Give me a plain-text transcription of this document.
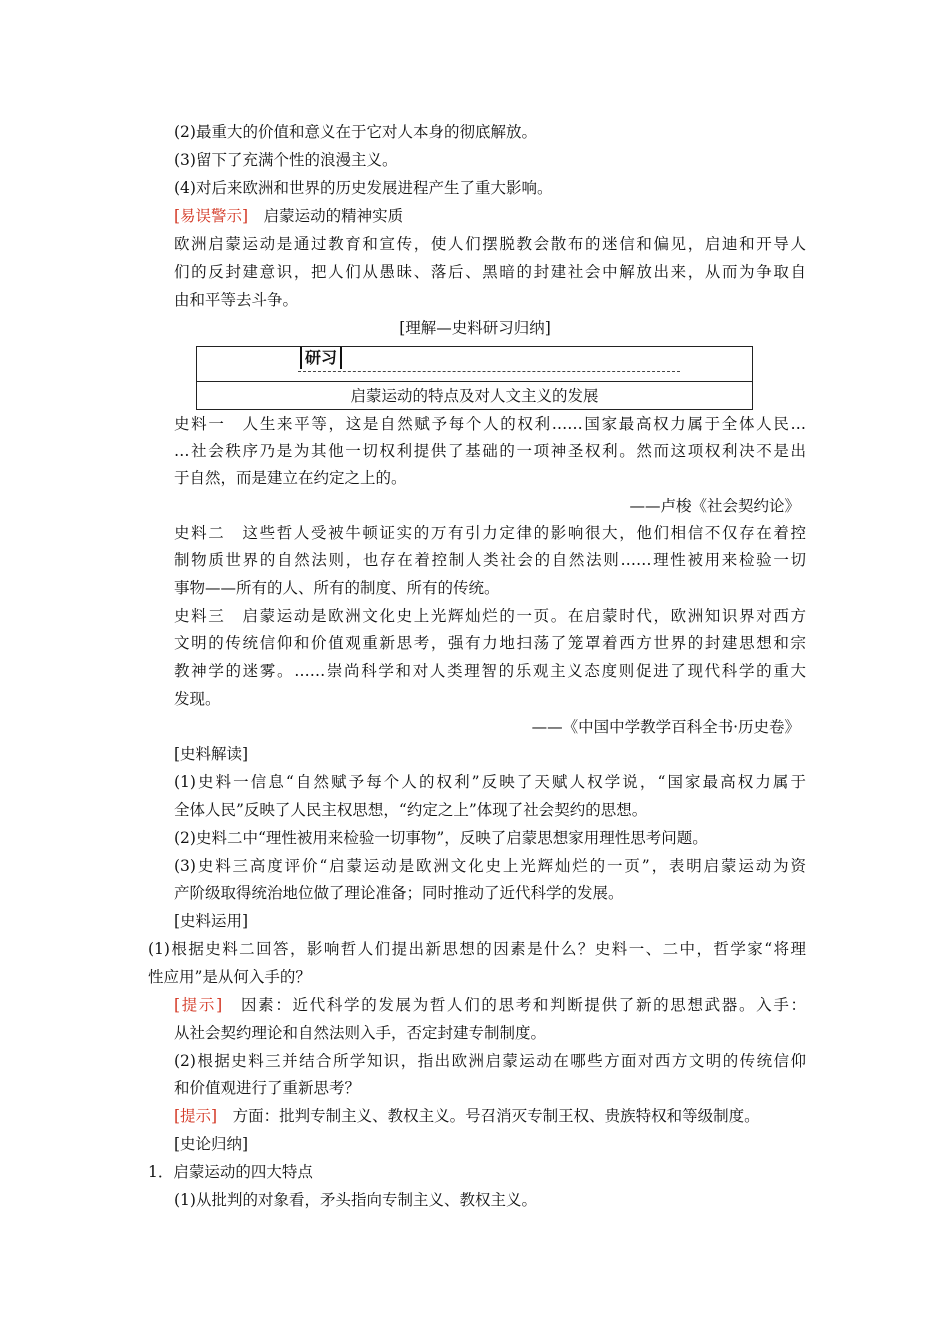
(2)最重大的价值和意义在于它对人本身的彻底解放。
(3)留下了充满个性的浪漫主义。
(4)对后来欧洲和世界的历史发展进程产生了重大影响。
[易误警示]　 启蒙运动的精神实质
欧洲启蒙运动是通过教育和宣传，使人们摆脱教会散布的迷信和偏见，启迪和开导人
们的反封建意识，把人们从愚昧、落后、黑暗的封建社会中解放出来，从而为争取自
由和平等去斗争。
[理解—史料研习归纳]
研习
启蒙运动的特点及对人文主义的发展
史料一　人生来平等，这是自然赋予每个人的权利……国家最高权力属于全体人民…
…社会秩序乃是为其他一切权利提供了基础的一项神圣权利。然而这项权利决不是出
于自然，而是建立在约定之上的。
——卢梭《社会契约论》
史料二　这些哲人受被牛顿证实的万有引力定律的影响很大，他们相信不仅存在着控
制物质世界的自然法则，也存在着控制人类社会的自然法则……理性被用来检验一切
事物——所有的人、所有的制度、所有的传统。
史料三　启蒙运动是欧洲文化史上光辉灿烂的一页。在启蒙时代，欧洲知识界对西方
文明的传统信仰和价值观重新思考，强有力地扫荡了笼罩着西方世界的封建思想和宗
教神学的迷雾。……崇尚科学和对人类理智的乐观主义态度则促进了现代科学的重大
发现。
——《中国中学教学百科全书·历史卷》
[史料解读]
(1)史料一信息“自然赋予每个人的权利”反映了天赋人权学说，“国家最高权力属于
全体人民”反映了人民主权思想，“约定之上”体现了社会契约的思想。
(2)史料二中“理性被用来检验一切事物”，反映了启蒙思想家用理性思考问题。
(3)史料三高度评价“启蒙运动是欧洲文化史上光辉灿烂的一页”，表明启蒙运动为资
产阶级取得统治地位做了理论准备；同时推动了近代科学的发展。
[史料运用]
(1)根据史料二回答，影响哲人们提出新思想的因素是什么？史料一、二中，哲学家“将理
性应用”是从何入手的？
[提示]　 因素：近代科学的发展为哲人们的思考和判断提供了新的思想武器。入手：
从社会契约理论和自然法则入手，否定封建专制制度。
(2)根据史料三并结合所学知识，指出欧洲启蒙运动在哪些方面对西方文明的传统信仰
和价值观进行了重新思考？
[提示]　 方面：批判专制主义、教权主义。号召消灭专制王权、贵族特权和等级制度。
[史论归纳]
1．启蒙运动的四大特点
(1)从批判的对象看，矛头指向专制主义、教权主义。
